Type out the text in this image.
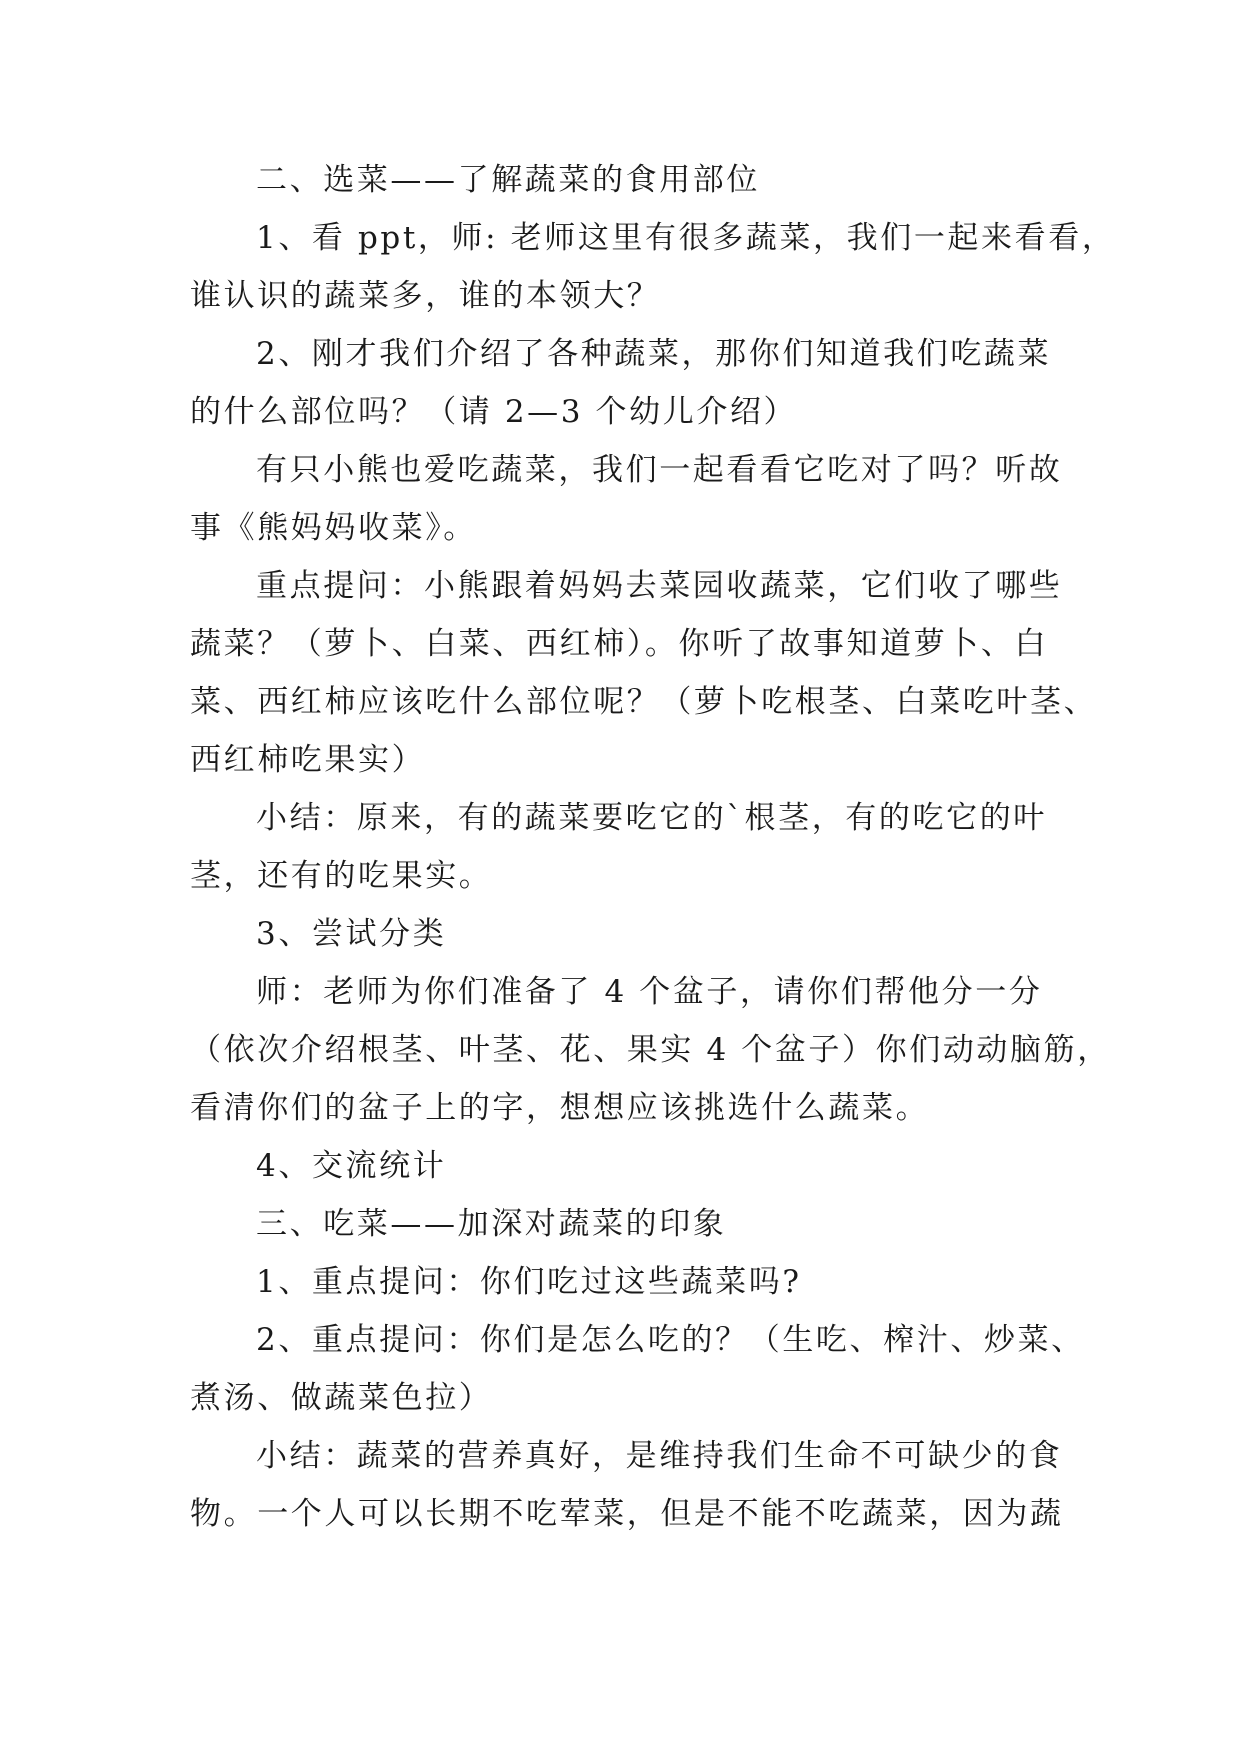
二、选菜——了解蔬菜的食用部位

1、看 ppt，师: 老师这里有很多蔬菜，我们一起来看看，

谁认识的蔬菜多，谁的本领大？

2、刚才我们介绍了各种蔬菜，那你们知道我们吃蔬菜

的什么部位吗？（请 2—3 个幼儿介绍）

有只小熊也爱吃蔬菜，我们一起看看它吃对了吗？听故

事《熊妈妈收菜》。

重点提问：小熊跟着妈妈去菜园收蔬菜，它们收了哪些

蔬菜？（萝卜、白菜、西红柿）。你听了故事知道萝卜、白

菜、西红柿应该吃什么部位呢？（萝卜吃根茎、白菜吃叶茎、

西红柿吃果实）

小结：原来，有的蔬菜要吃它的`根茎，有的吃它的叶

茎，还有的吃果实。

3、尝试分类

师：老师为你们准备了 4 个盆子，请你们帮他分一分

（依次介绍根茎、叶茎、花、果实 4 个盆子）你们动动脑筋，

看清你们的盆子上的字，想想应该挑选什么蔬菜。

4、交流统计

三、吃菜——加深对蔬菜的印象

1、重点提问：你们吃过这些蔬菜吗?

2、重点提问：你们是怎么吃的？（生吃、榨汁、炒菜、

煮汤、做蔬菜色拉）

小结：蔬菜的营养真好，是维持我们生命不可缺少的食

物。一个人可以长期不吃荤菜，但是不能不吃蔬菜，因为蔬
